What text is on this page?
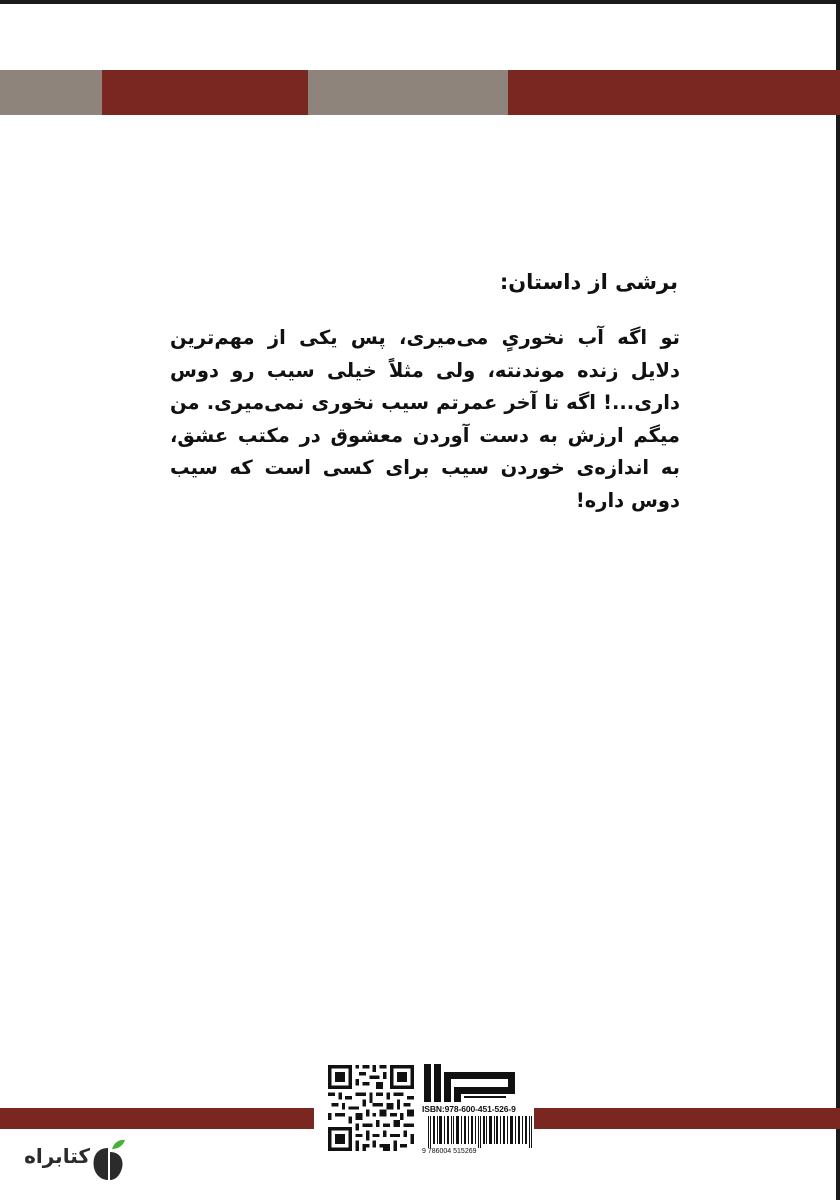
برشی از داستان:

تو اگه آب نخوریٍ می‌میری، پس یکی از مهم‌ترین دلایل زنده موندنته، ولی مثلاً خیلی سیب رو دوس داری...! اگه تا آخر عمرتم سیب نخوری نمی‌میری. من میگم ارزش به دست آوردن معشوق در مکتب عشق، به اندازه‌ی خوردن سیب برای کسی است که سیب دوس داره!

ISBN:978-600-451-526-9
9 786004 515269
کتابراه
